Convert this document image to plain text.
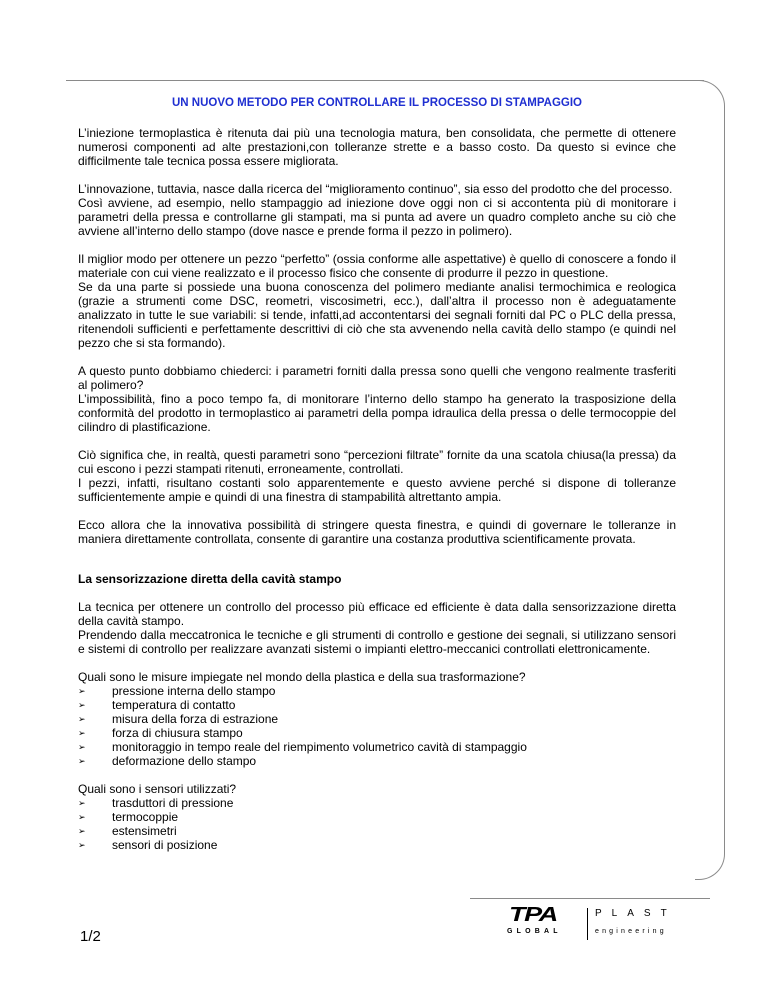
UN NUOVO METODO PER CONTROLLARE IL PROCESSO DI STAMPAGGIO

L’iniezione termoplastica è ritenuta dai più una tecnologia matura, ben consolidata, che permette di ottenere numerosi componenti ad alte prestazioni,con tolleranze strette e a basso costo. Da questo si evince che difficilmente tale tecnica possa essere migliorata.

L’innovazione, tuttavia, nasce dalla ricerca del “miglioramento continuo”, sia esso del prodotto che del processo.

Così avviene, ad esempio, nello stampaggio ad iniezione dove oggi non ci si accontenta più di monitorare i parametri della pressa e controllarne gli stampati, ma si punta ad avere un quadro completo anche su ciò che avviene all’interno dello stampo (dove nasce e prende forma il pezzo in polimero).

Il miglior modo per ottenere un pezzo “perfetto” (ossia conforme alle aspettative) è quello di conoscere a fondo il materiale con cui viene realizzato e il processo fisico che consente di produrre il pezzo in questione.

Se da una parte si possiede una buona conoscenza del polimero mediante analisi termochimica e reologica (grazie a strumenti come DSC, reometri, viscosimetri, ecc.), dall’altra il processo non è adeguatamente analizzato in tutte le sue variabili: si tende, infatti,ad accontentarsi dei segnali forniti dal PC o PLC della pressa, ritenendoli sufficienti e perfettamente descrittivi di ciò che sta avvenendo nella cavità dello stampo (e quindi nel pezzo che si sta formando).

A questo punto dobbiamo chiederci: i parametri forniti dalla pressa sono quelli che vengono realmente trasferiti al polimero?

L’impossibilità, fino a poco tempo fa, di monitorare l’interno dello stampo ha generato la trasposizione della conformità del prodotto in termoplastico ai parametri della pompa idraulica della pressa o delle termocoppie del cilindro di plastificazione.

Ciò significa che, in realtà, questi parametri sono “percezioni filtrate” fornite da una scatola chiusa(la pressa) da cui escono i pezzi stampati ritenuti, erroneamente, controllati.

I pezzi, infatti, risultano costanti solo apparentemente e questo avviene perché si dispone di tolleranze sufficientemente ampie e quindi di una finestra di stampabilità altrettanto ampia.

Ecco allora che la innovativa possibilità di stringere questa finestra, e quindi di governare le tolleranze in maniera direttamente controllata, consente di garantire una costanza produttiva scientificamente provata.

La sensorizzazione diretta della cavità stampo

La tecnica per ottenere un controllo del processo più efficace ed efficiente è data dalla sensorizzazione diretta della cavità stampo.

Prendendo dalla meccatronica le tecniche e gli strumenti di controllo e gestione dei segnali, si utilizzano sensori e sistemi di controllo per realizzare avanzati sistemi o impianti elettro-meccanici controllati elettronicamente.

Quali sono le misure impiegate nel mondo della plastica e della sua trasformazione?

➢	pressione interna dello stampo
➢	temperatura di contatto
➢	misura della forza di estrazione
➢	forza di chiusura stampo
➢	monitoraggio in tempo reale del riempimento volumetrico cavità di stampaggio
➢	deformazione dello stampo

Quali sono i sensori utilizzati?

➢	trasduttori di pressione
➢	termocoppie
➢	estensimetri
➢	sensori di posizione
1/2
TPA
GLOBAL
PLAST
engineering
